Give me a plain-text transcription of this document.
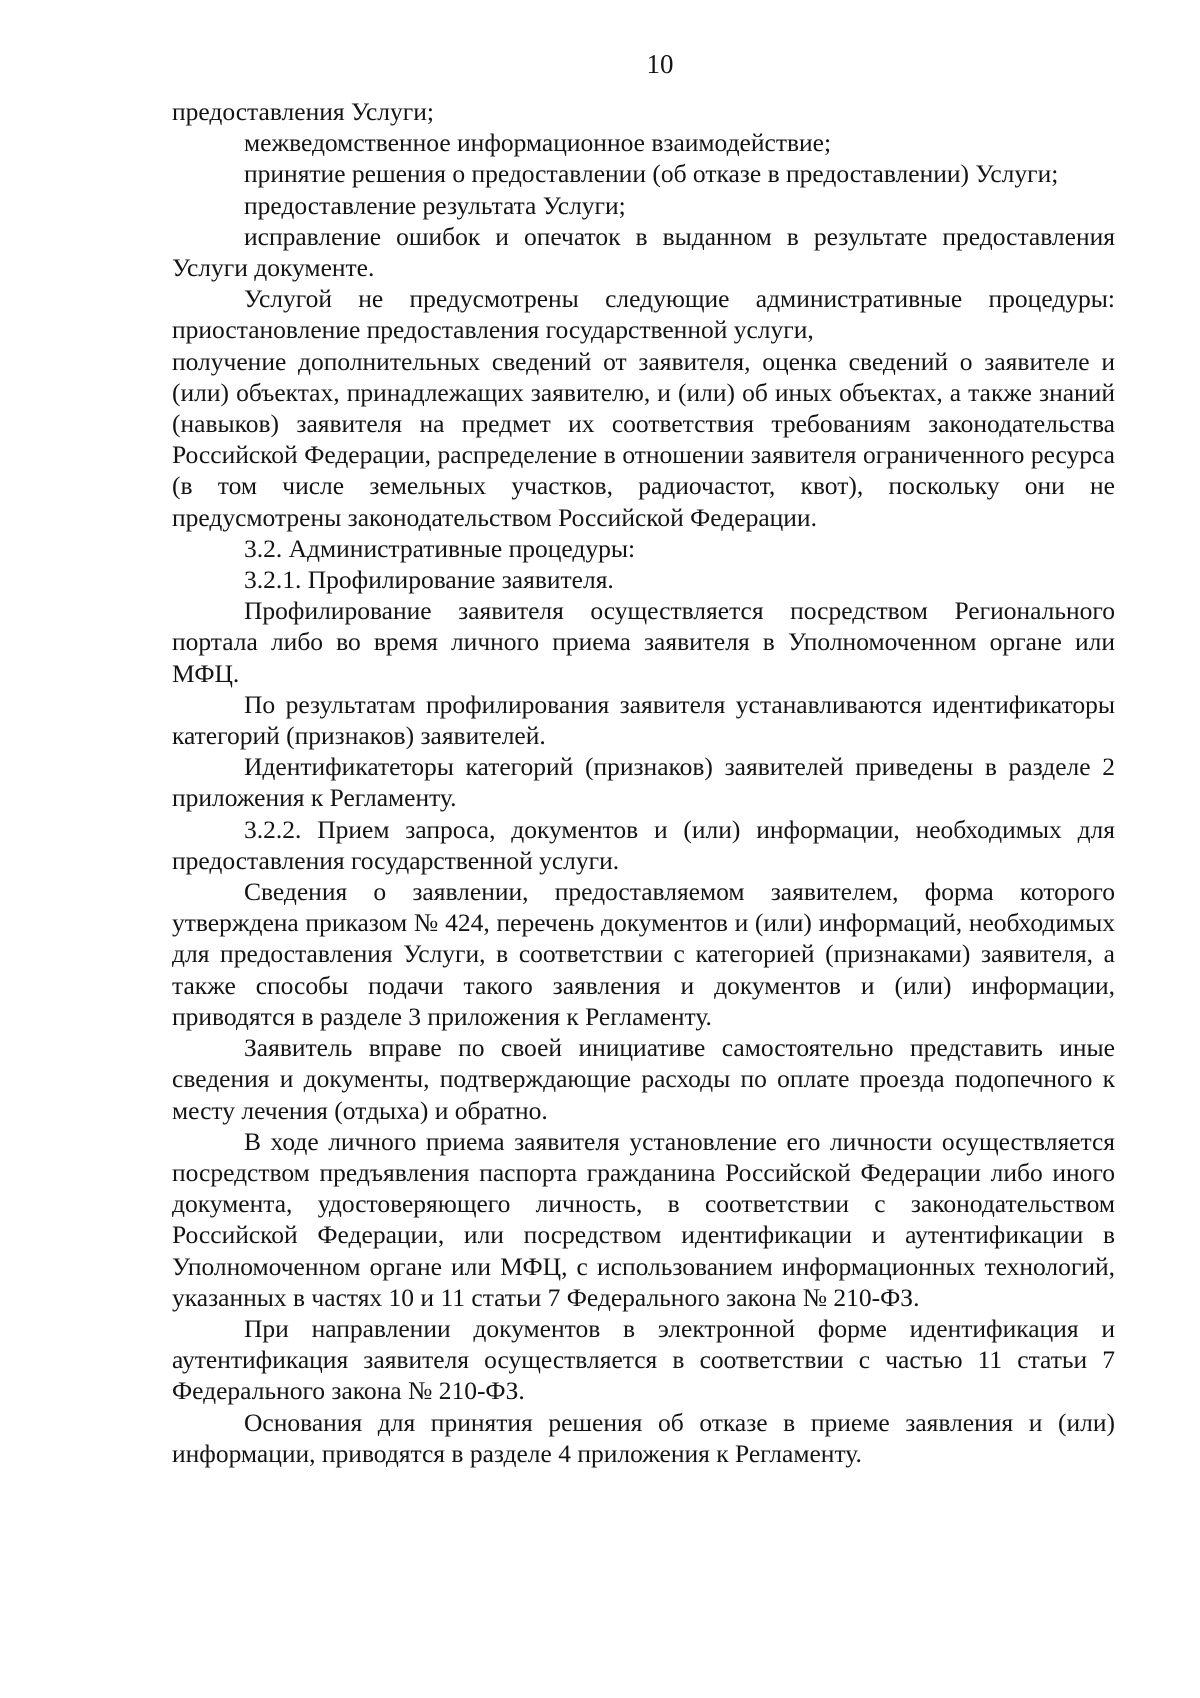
10

предоставления Услуги;

межведомственное информационное взаимодействие;

принятие решения о предоставлении (об отказе в предоставлении) Услуги;

предоставление результата Услуги;

исправление ошибок и опечаток в выданном в результате предоставления Услуги документе.

Услугой не предусмотрены следующие административные процедуры: приостановление предоставления государственной услуги,

получение дополнительных сведений от заявителя, оценка сведений о заявителе и (или) объектах, принадлежащих заявителю, и (или) об иных объектах, а также знаний (навыков) заявителя на предмет их соответствия требованиям законодательства Российской Федерации, распределение в отношении заявителя ограниченного ресурса (в том числе земельных участков, радиочастот, квот), поскольку они не предусмотрены законодательством Российской Федерации.

3.2. Административные процедуры:

3.2.1. Профилирование заявителя.

Профилирование заявителя осуществляется посредством Регионального портала либо во время личного приема заявителя в Уполномоченном органе или МФЦ.

По результатам профилирования заявителя устанавливаются идентификаторы категорий (признаков) заявителей.

Идентификатеторы категорий (признаков) заявителей приведены в разделе 2 приложения к Регламенту.

3.2.2. Прием запроса, документов и (или) информации, необходимых для предоставления государственной услуги.

Сведения о заявлении, предоставляемом заявителем, форма которого утверждена приказом № 424, перечень документов и (или) информаций, необходимых для предоставления Услуги, в соответствии с категорией (признаками) заявителя, а также способы подачи такого заявления и документов и (или) информации, приводятся в разделе 3 приложения к Регламенту.

Заявитель вправе по своей инициативе самостоятельно представить иные сведения и документы, подтверждающие расходы по оплате проезда подопечного к месту лечения (отдыха) и обратно.

В ходе личного приема заявителя установление его личности осуществляется посредством предъявления паспорта гражданина Российской Федерации либо иного документа, удостоверяющего личность, в соответствии с законодательством Российской Федерации, или посредством идентификации и аутентификации в Уполномоченном органе или МФЦ, с использованием информационных технологий, указанных в частях 10 и 11 статьи 7 Федерального закона № 210-ФЗ.

При направлении документов в электронной форме идентификация и аутентификация заявителя осуществляется в соответствии с частью 11 статьи 7 Федерального закона № 210-ФЗ.

Основания для принятия решения об отказе в приеме заявления и (или) информации, приводятся в разделе 4 приложения к Регламенту.
